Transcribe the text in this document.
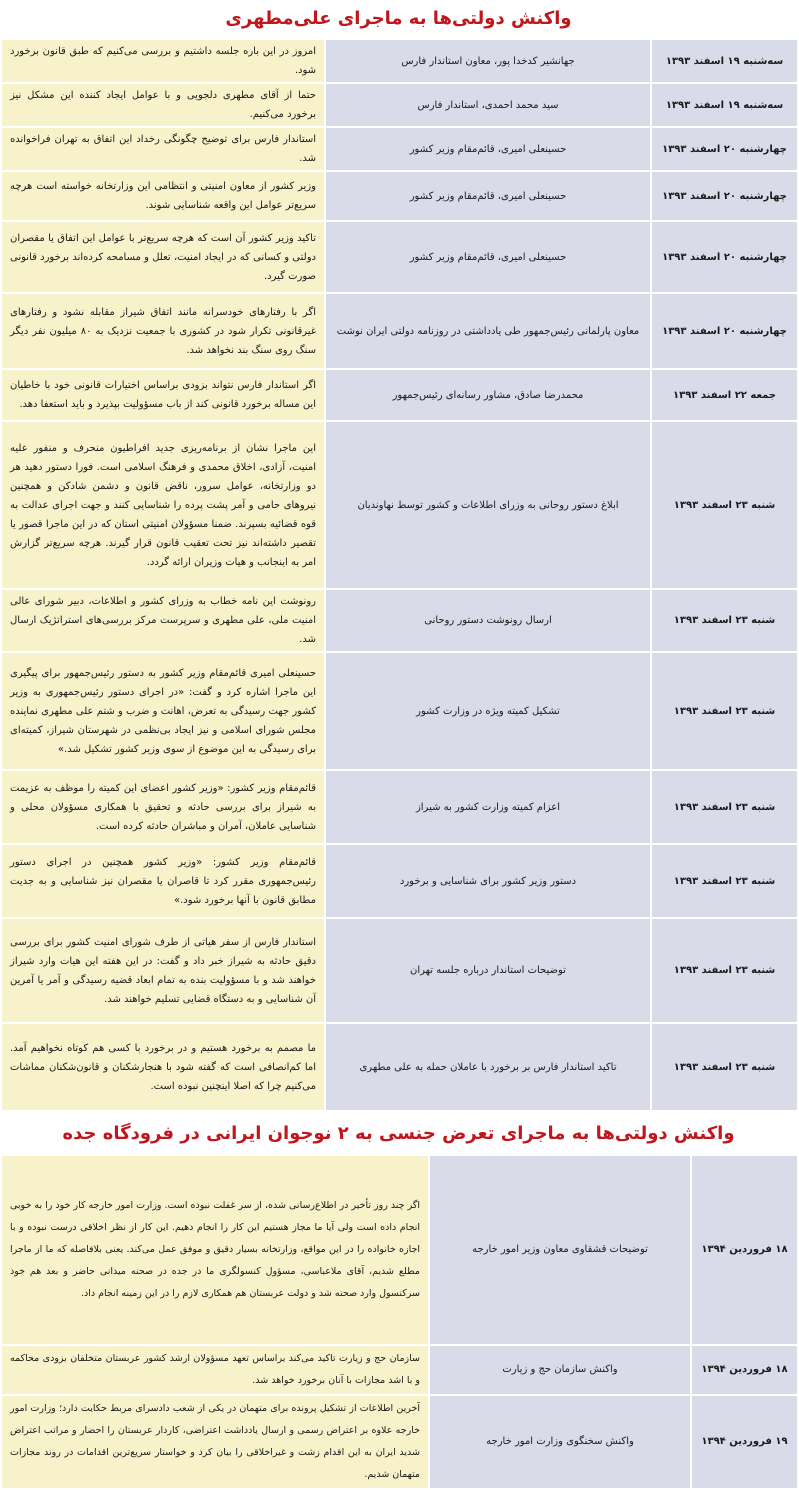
واکنش دولتی‌ها به ماجرای علی‌مطهری
سه‌شنبه ۱۹ اسفند ۱۳۹۳	جهانشیر کدخدا پور، معاون استاندار فارس	امروز در این باره جلسه داشتیم و بررسی می‌کنیم که طبق قانون برخورد شود.
سه‌شنبه ۱۹ اسفند ۱۳۹۳	سید محمد احمدی، استاندار فارس	حتما از آقای مطهری دلجویی و با عوامل ایجاد کننده این مشکل نیز برخورد می‌کنیم.
چهارشنبه ۲۰ اسفند ۱۳۹۳	حسینعلی امیری، قائم‌مقام وزیر کشور	استاندار فارس برای توضیح چگونگی رخداد این اتفاق به تهران فراخوانده شد.
چهارشنبه ۲۰ اسفند ۱۳۹۳	حسینعلی امیری، قائم‌مقام وزیر کشور	وزیر کشور از معاون امنیتی و انتظامی این وزارتخانه خواسته است هرچه سریع‌تر عوامل این واقعه شناسایی شوند.
چهارشنبه ۲۰ اسفند ۱۳۹۳	حسینعلی امیری، قائم‌مقام وزیر کشور	تاکید وزیر کشور آن است که هرچه سریع‌تر با عوامل این اتفاق یا مقصران دولتی و کسانی که در ایجاد امنیت، تعلل و مسامحه کرده‌اند برخورد قانونی صورت گیرد.
چهارشنبه ۲۰ اسفند ۱۳۹۳	معاون پارلمانی رئیس‌جمهور طی یادداشتی در روزنامه دولتی ایران نوشت	اگر با رفتارهای خودسرانه مانند اتفاق شیراز مقابله نشود و رفتارهای غیرقانونی تکرار شود در کشوری با جمعیت نزدیک به ۸۰ میلیون نفر دیگر سنگ روی سنگ بند نخواهد شد.
جمعه ۲۲ اسفند ۱۳۹۳	محمدرضا صادق، مشاور رسانه‌ای رئیس‌جمهور	اگر استاندار فارس نتواند بزودی براساس اختیارات قانونی خود با خاطیان این مساله برخورد قانونی کند از باب مسؤولیت بپذیرد و باید استعفا دهد.
شنبه ۲۳ اسفند ۱۳۹۳	ابلاغ دستور روحانی به وزرای اطلاعات و کشور توسط نهاوندیان	این ماجرا نشان از برنامه‌ریزی جدید افراطیون منحرف و منفور علیه امنیت، آزادی، اخلاق محمدی و فرهنگ اسلامی است. فورا دستور دهید هر دو وزارتخانه، عوامل سرور، ناقض قانون و دشمن شادکن و همچنین نیروهای حامی و آمر پشت پرده را شناسایی کنند و جهت اجرای عدالت به قوه قضائیه بسپرند. ضمنا مسؤولان امنیتی استان که در این ماجرا قصور یا تقصیر داشته‌اند نیز تحت تعقیب قانون قرار گیرند. هرچه سریع‌تر گزارش امر به اینجانب و هیات وزیران ارائه گردد.
شنبه ۲۳ اسفند ۱۳۹۳	ارسال رونوشت دستور روحانی	رونوشت این نامه خطاب به وزرای کشور و اطلاعات، دبیر شورای عالی امنیت ملی، علی مطهری و سرپرست مرکز بررسی‌های استراتژیک ارسال شد.
شنبه ۲۳ اسفند ۱۳۹۳	تشکیل کمیته ویژه در وزارت کشور	حسینعلی امیری قائم‌مقام وزیر کشور به دستور رئیس‌جمهور برای پیگیری این ماجرا اشاره کرد و گفت: «در اجرای دستور رئیس‌جمهوری به وزیر کشور جهت رسیدگی به تعرض، اهانت و ضرب و شتم علی مطهری نماینده مجلس شورای اسلامی و نیز ایجاد بی‌نظمی در شهرستان شیراز، کمیته‌ای برای رسیدگی به این موضوع از سوی وزیر کشور تشکیل شد.»
شنبه ۲۳ اسفند ۱۳۹۳	اعزام کمیته وزارت کشور به شیراز	قائم‌مقام وزیر کشور: «وزیر کشور اعضای این کمیته را موظف به عزیمت به شیراز برای بررسی حادثه و تحقیق با همکاری مسؤولان محلی و شناسایی عاملان، آمران و مباشران حادثه کرده است.
شنبه ۲۳ اسفند ۱۳۹۳	دستور وزیر کشور برای شناسایی و برخورد	قائم‌مقام وزیر کشور: «وزیر کشور همچنین در اجرای دستور رئیس‌جمهوری مقرر کرد تا قاصران یا مقصران نیز شناسایی و به جدیت مطابق قانون با آنها برخورد شود.»
شنبه ۲۳ اسفند ۱۳۹۳	توضیحات استاندار درباره جلسه تهران	استاندار فارس از سفر هیاتی از طرف شورای امنیت کشور برای بررسی دقیق حادثه به شیراز خبر داد و گفت: در این هفته این هیات وارد شیراز خواهند شد و با مسؤولیت بنده به تمام ابعاد قضیه رسیدگی و آمر یا آمرین آن شناسایی و به دستگاه قضایی تسلیم خواهند شد.
شنبه ۲۳ اسفند ۱۳۹۳	تاکید استاندار فارس بر برخورد با عاملان حمله به علی مطهری	ما مصمم به برخورد هستیم و در برخورد با کسی هم کوتاه نخواهیم آمد. اما کم‌انصافی است که گفته شود با هنجارشکنان و قانون‌شکنان مماشات می‌کنیم چرا که اصلا اینچنین نبوده است.
واکنش دولتی‌ها به ماجرای تعرض جنسی به ۲ نوجوان ایرانی در فرودگاه جده
۱۸ فروردین ۱۳۹۴	توضیحات قشقاوی معاون وزیر امور خارجه	اگر چند روز تأخیر در اطلاع‌رسانی شده، از سر غفلت نبوده است. وزارت امور خارجه کار خود را به خوبی انجام داده است ولی آیا ما مجاز هستیم این کار را انجام دهیم. این کار از نظر اخلاقی درست نبوده و با اجازه خانواده را در این مواقع، وزارتخانه بسیار دقیق و موفق عمل می‌کند. یعنی بلافاصله که ما از ماجرا مطلع شدیم، آقای ملاعباسی، مسؤول کنسولگری ما در جده در صحنه میدانی حاضر و بعد هم خود سرکنسول وارد صحنه شد و دولت عربستان هم همکاری لازم را در این زمینه انجام داد.
۱۸ فروردین ۱۳۹۴	واکنش سازمان حج و زیارت	سازمان حج و زیارت تاکید می‌کند براساس تعهد مسؤولان ارشد کشور عربستان متخلفان بزودی محاکمه و با اشد مجازات با آنان برخورد خواهد شد.
۱۹ فروردین ۱۳۹۴	واکنش سخنگوی وزارت امور خارجه	آخرین اطلاعات از تشکیل پرونده برای متهمان در یکی از شعب دادسرای مربط حکایت دارد؛ وزارت امور خارجه علاوه بر اعتراض رسمی و ارسال یادداشت اعتراضی، کاردار عربستان را احضار و مراتب اعتراض شدید ایران به این اقدام زشت و غیراخلاقی را بیان کرد و خواستار سریع‌ترین اقدامات در روند مجازات متهمان شدیم.
